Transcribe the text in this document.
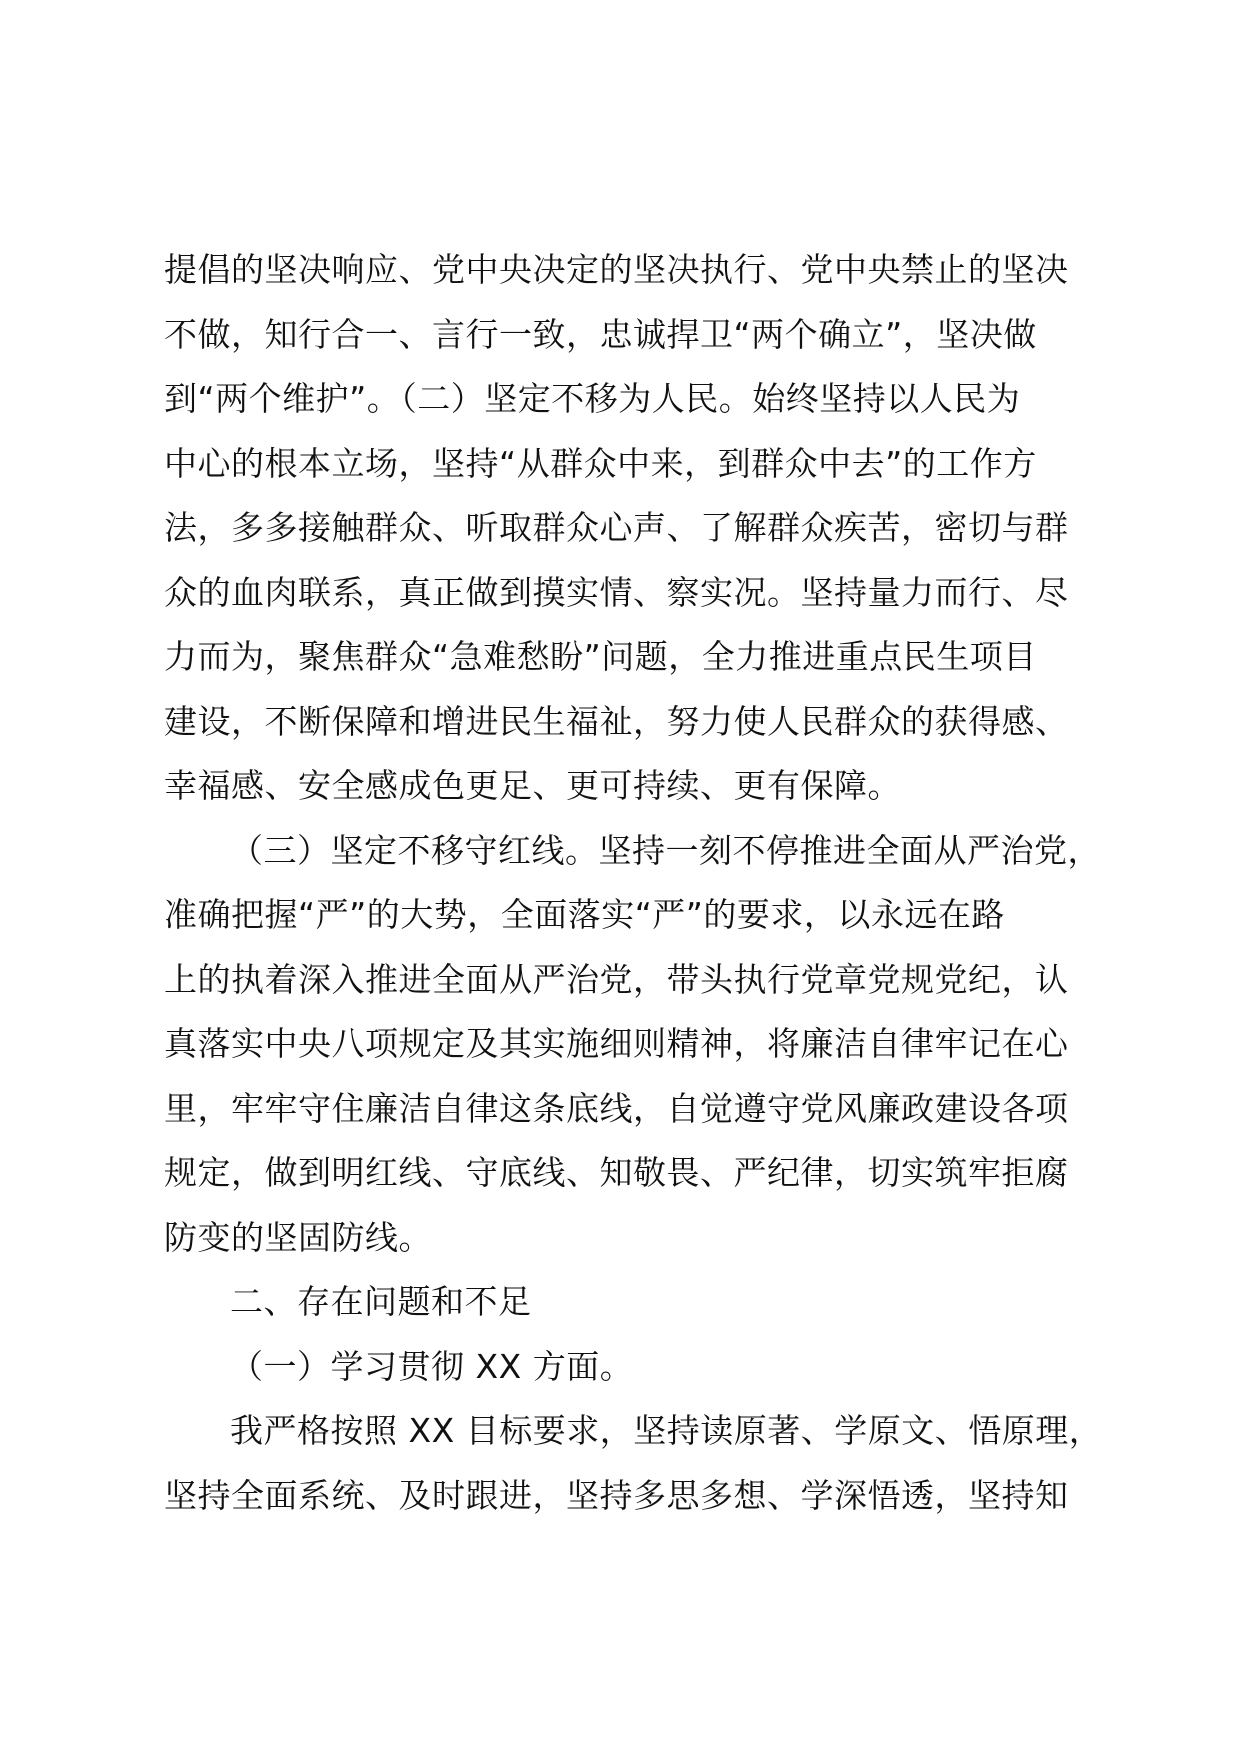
提倡的坚决响应、党中央决定的坚决执行、党中央禁止的坚决
不做，知行合一、言行一致，忠诚捍卫“两个确立”，坚决做
到“两个维护”。（二）坚定不移为人民。始终坚持以人民为
中心的根本立场，坚持“从群众中来，到群众中去”的工作方
法，多多接触群众、听取群众心声、了解群众疾苦，密切与群
众的血肉联系，真正做到摸实情、察实况。坚持量力而行、尽
力而为，聚焦群众“急难愁盼”问题，全力推进重点民生项目
建设，不断保障和增进民生福祉，努力使人民群众的获得感、
幸福感、安全感成色更足、更可持续、更有保障。
（三）坚定不移守红线。坚持一刻不停推进全面从严治党，
准确把握“严”的大势，全面落实“严”的要求，以永远在路
上的执着深入推进全面从严治党，带头执行党章党规党纪，认
真落实中央八项规定及其实施细则精神，将廉洁自律牢记在心
里，牢牢守住廉洁自律这条底线，自觉遵守党风廉政建设各项
规定，做到明红线、守底线、知敬畏、严纪律，切实筑牢拒腐
防变的坚固防线。
二、存在问题和不足
（一）学习贯彻 XX 方面。
我严格按照 XX 目标要求，坚持读原著、学原文、悟原理，
坚持全面系统、及时跟进，坚持多思多想、学深悟透，坚持知
